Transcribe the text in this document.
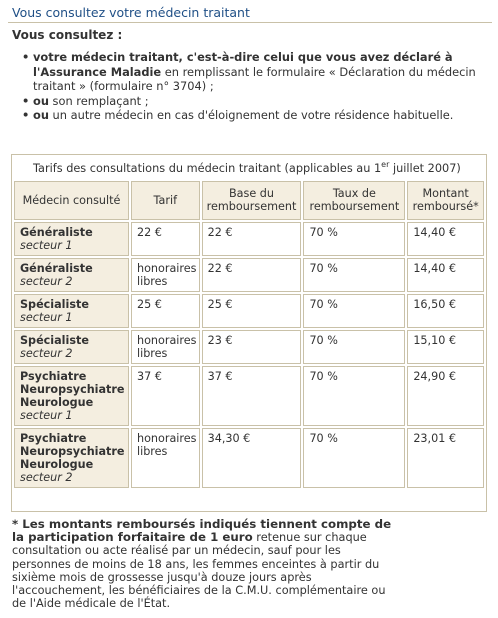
Vous consultez votre médecin traitant
Vous consultez :
• votre médecin traitant, c'est-à-dire celui que vous avez déclaré à l'Assurance Maladie en remplissant le formulaire « Déclaration du médecin traitant » (formulaire n° 3704) ;
• ou son remplaçant ;
• ou un autre médecin en cas d'éloignement de votre résidence habituelle.
Tarifs des consultations du médecin traitant (applicables au 1er juillet 2007)
Médecin consulté	Tarif	Base du remboursement	Taux de remboursement	Montant remboursé*

Généraliste
secteur 1	22 €	22 €	70 %	14,40 €

Généraliste
secteur 2	honoraires libres	22 €	70 %	14,40 €

Spécialiste
secteur 1	25 €	25 €	70 %	16,50 €

Spécialiste
secteur 2	honoraires libres	23 €	70 %	15,10 €

Psychiatre Neuropsychiatre Neurologue
secteur 1	37 €	37 €	70 %	24,90 €

Psychiatre Neuropsychiatre Neurologue
secteur 2	honoraires libres	34,30 €	70 %	23,01 €
* Les montants remboursés indiqués tiennent compte de la participation forfaitaire de 1 euro retenue sur chaque consultation ou acte réalisé par un médecin, sauf pour les personnes de moins de 18 ans, les femmes enceintes à partir du sixième mois de grossesse jusqu'à douze jours après l'accouchement, les bénéficiaires de la C.M.U. complémentaire ou de l'Aide médicale de l'État.
